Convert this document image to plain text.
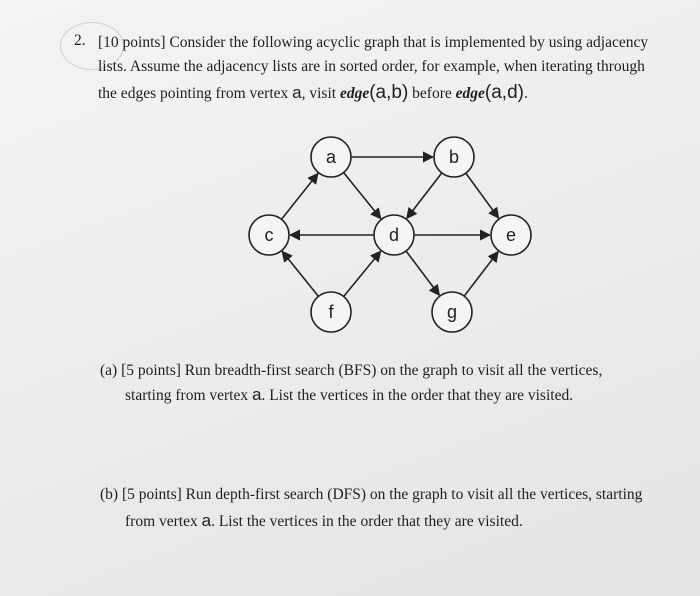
2. [10 points] Consider the following acyclic graph that is implemented by using adjacency
lists. Assume the adjacency lists are in sorted order, for example, when iterating through
the edges pointing from vertex a, visit edge(a,b) before edge(a,d).
a	b
c	d	e
f	g
(a) [5 points] Run breadth-first search (BFS) on the graph to visit all the vertices,
starting from vertex a. List the vertices in the order that they are visited.
(b) [5 points] Run depth-first search (DFS) on the graph to visit all the vertices, starting
from vertex a. List the vertices in the order that they are visited.
